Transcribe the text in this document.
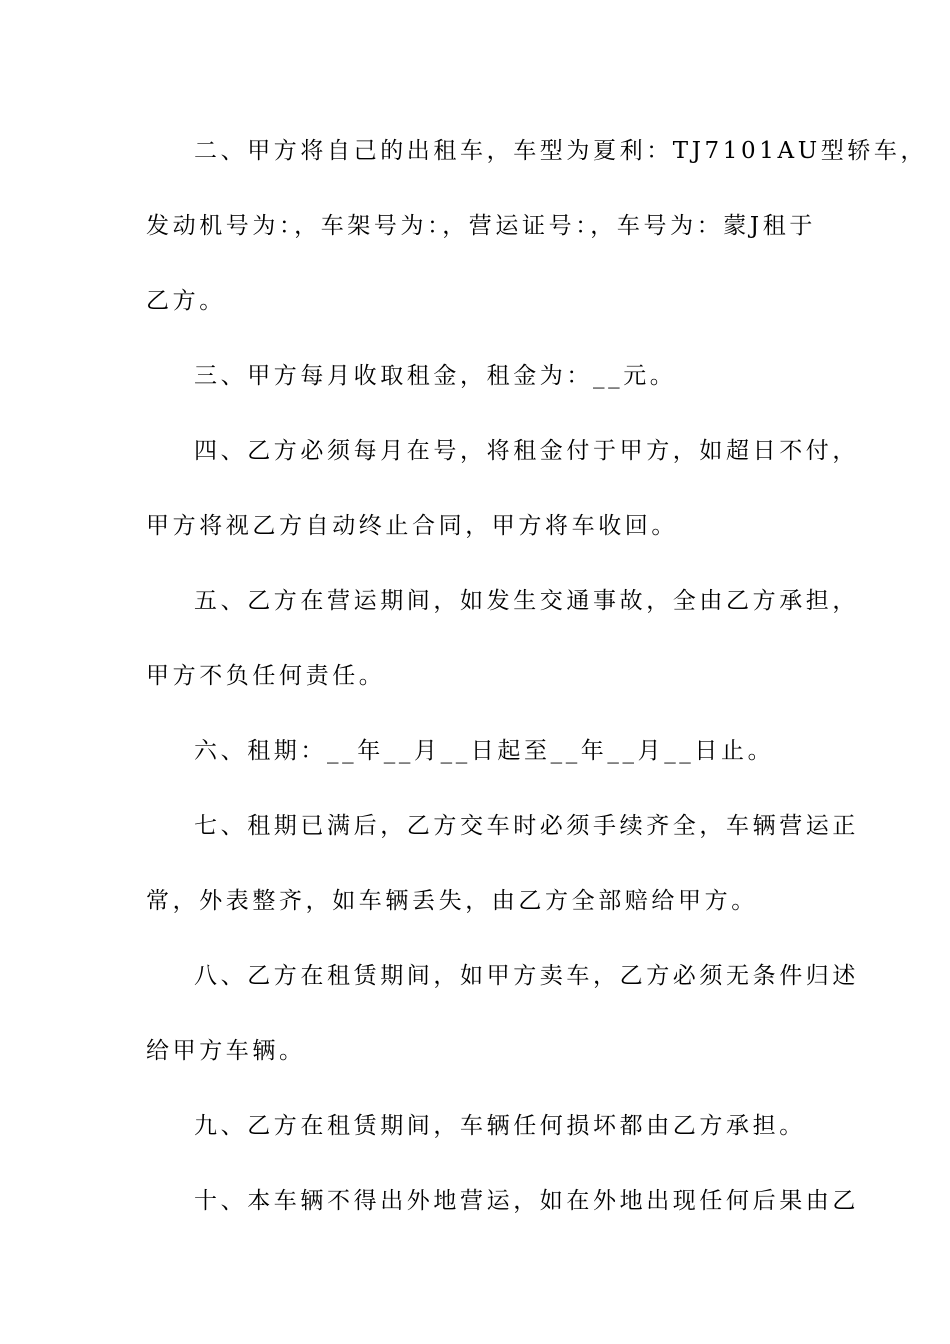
二、甲方将自己的出租车，车型为夏利：TJ7101AU型轿车，
发动机号为：，车架号为：，营运证号：，车号为：蒙J租于
乙方。
三、甲方每月收取租金，租金为：__元。
四、乙方必须每月在号，将租金付于甲方，如超日不付，
甲方将视乙方自动终止合同，甲方将车收回。
五、乙方在营运期间，如发生交通事故，全由乙方承担，
甲方不负任何责任。
六、租期：__年__月__日起至__年__月__日止。
七、租期已满后，乙方交车时必须手续齐全，车辆营运正
常，外表整齐，如车辆丢失，由乙方全部赔给甲方。
八、乙方在租赁期间，如甲方卖车，乙方必须无条件归述
给甲方车辆。
九、乙方在租赁期间，车辆任何损坏都由乙方承担。
十、本车辆不得出外地营运，如在外地出现任何后果由乙
